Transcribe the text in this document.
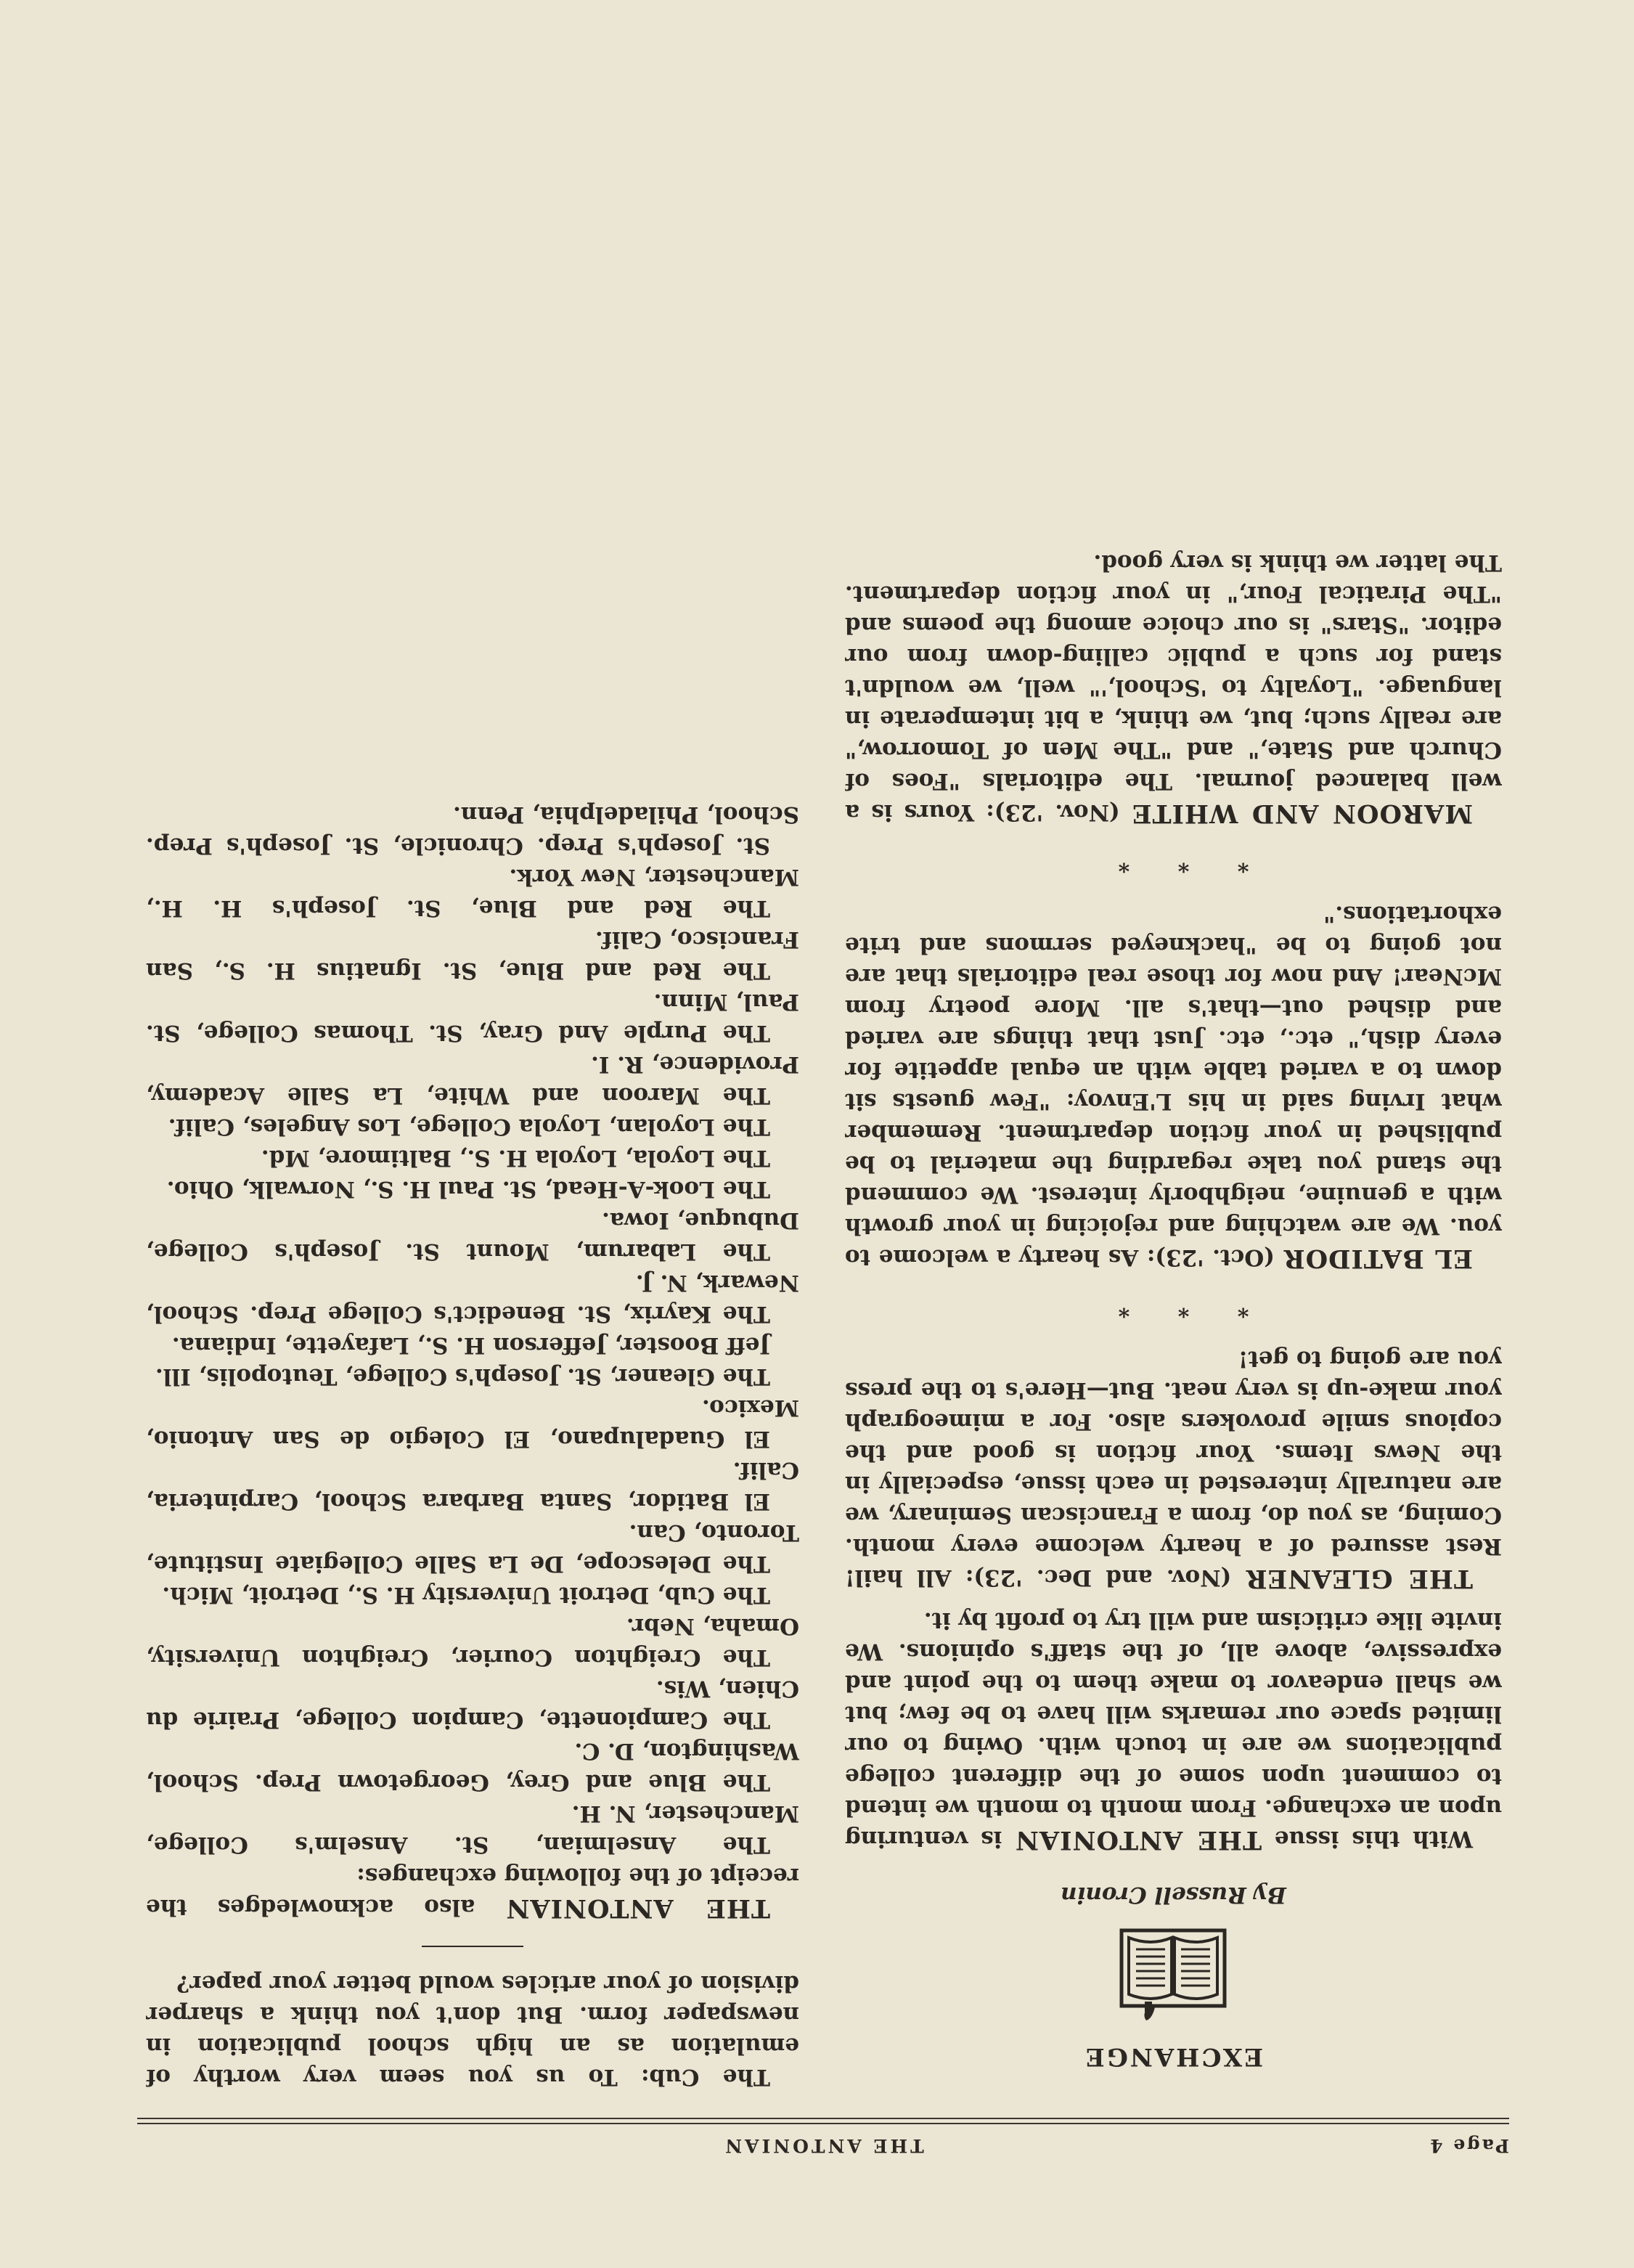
Page 4
THE ANTONIAN
EXCHANGE
By Russell Cronin

With this issue THE ANTONIAN is venturing upon an exchange. From month to month we intend to comment upon some of the different college publications we are in touch with. Owing to our limited space our remarks will have to be few; but we shall endeavor to make them to the point and expressive, above all, of the staff's opinions. We invite like criticism and will try to profit by it.

THE GLEANER (Nov. and Dec. '23): All hail! Rest assured of a hearty welcome every month. Coming, as you do, from a Franciscan Seminary, we are naturally interested in each issue, especially in the News Items. Your fiction is good and the copious smile provokers also. For a mimeograph your make-up is very neat. But—Here's to the press you are going to get!

* * *

EL BATIDOR (Oct. '23): As hearty a welcome to you. We are watching and rejoicing in your growth with a genuine, neighborly interest. We commend the stand you take regarding the material to be published in your fiction department. Remember what Irving said in his L'Envoy: "Few guests sit down to a varied table with an equal appetite for every dish," etc., etc. Just that things are varied and dished out—that's all. More poetry from McNear! And now for those real editorials that are not going to be "hackneyed sermons and trite exhortations."

* * *

MAROON AND WHITE (Nov. '23): Yours is a well balanced journal. The editorials "Foes of Church and State," and "The Men of Tomorrow," are really such; but, we think, a bit intemperate in language. "Loyalty to 'School,'" well, we wouldn't stand for such a public calling-down from our editor. "Stars" is our choice among the poems and "The Piratical Four," in your fiction department. The latter we think is very good.

The Cub: To us you seem very worthy of emulation as an high school publication in newspaper form. But don't you think a sharper division of your articles would better your paper?

THE ANTONIAN also acknowledges the receipt of the following exchanges:

The Anselmian, St. Anselm's College, Manchester, N. H.
The Blue and Grey, Georgetown Prep. School, Washington, D. C.
The Campionette, Campion College, Prairie du Chien, Wis.
The Creighton Courier, Creighton University, Omaha, Nebr.
The Cub, Detroit University H. S., Detroit, Mich.
The Delescope, De La Salle Collegiate Institute, Toronto, Can.
El Batidor, Santa Barbara School, Carpinteria, Calif.
El Guadalupano, El Colegio de San Antonio, Mexico.
The Gleaner, St. Joseph's College, Teutopolis, Ill.
Jeff Booster, Jefferson H. S., Lafayette, Indiana.
The Kayrix, St. Benedict's College Prep. School, Newark, N. J.
The Labarum, Mount St. Joseph's College, Dubuque, Iowa.
The Look-A-Head, St. Paul H. S., Norwalk, Ohio.
The Loyola, Loyola H. S., Baltimore, Md.
The Loyolan, Loyola College, Los Angeles, Calif.
The Maroon and White, La Salle Academy, Providence, R. I.
The Purple And Gray, St. Thomas College, St. Paul, Minn.
The Red and Blue, St. Ignatius H. S., San Francisco, Calif.
The Red and Blue, St. Joseph's H. H., Manchester, New York.
St. Joseph's Prep. Chronicle, St. Joseph's Prep. School, Philadelphia, Penn.
